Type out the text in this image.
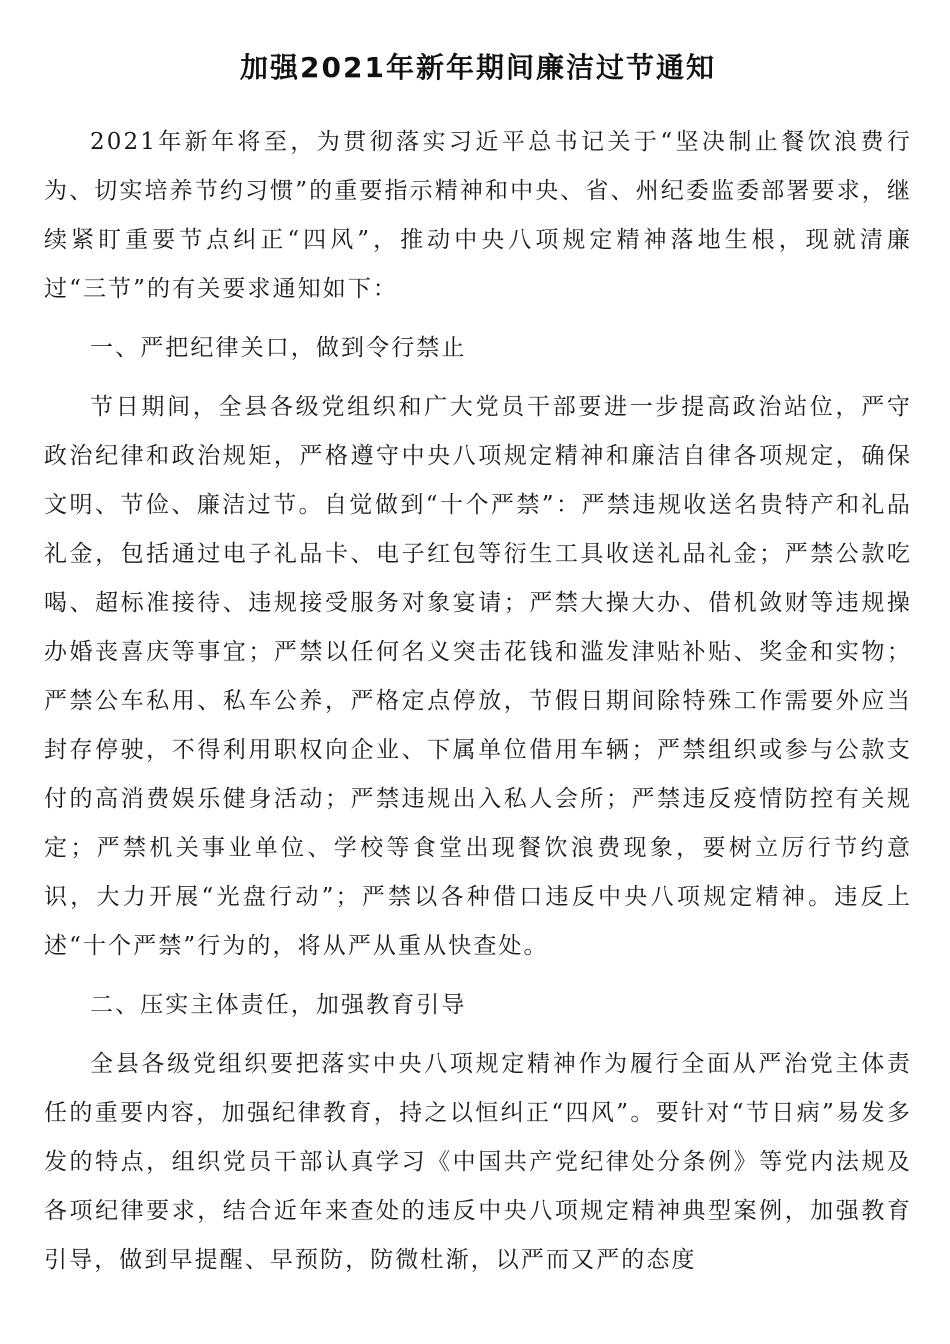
加强2021年新年期间廉洁过节通知

2021年新年将至，为贯彻落实习近平总书记关于“坚决制止餐饮浪费行为、切实培养节约习惯”的重要指示精神和中央、省、州纪委监委部署要求，继续紧盯重要节点纠正“四风”，推动中央八项规定精神落地生根，现就清廉过“三节”的有关要求通知如下：

一、严把纪律关口，做到令行禁止

节日期间，全县各级党组织和广大党员干部要进一步提高政治站位，严守政治纪律和政治规矩，严格遵守中央八项规定精神和廉洁自律各项规定，确保文明、节俭、廉洁过节。自觉做到“十个严禁”：严禁违规收送名贵特产和礼品礼金，包括通过电子礼品卡、电子红包等衍生工具收送礼品礼金；严禁公款吃喝、超标准接待、违规接受服务对象宴请；严禁大操大办、借机敛财等违规操办婚丧喜庆等事宜；严禁以任何名义突击花钱和滥发津贴补贴、奖金和实物；严禁公车私用、私车公养，严格定点停放，节假日期间除特殊工作需要外应当封存停驶，不得利用职权向企业、下属单位借用车辆；严禁组织或参与公款支付的高消费娱乐健身活动；严禁违规出入私人会所；严禁违反疫情防控有关规定；严禁机关事业单位、学校等食堂出现餐饮浪费现象，要树立厉行节约意识，大力开展“光盘行动”；严禁以各种借口违反中央八项规定精神。违反上述“十个严禁”行为的，将从严从重从快查处。

二、压实主体责任，加强教育引导

全县各级党组织要把落实中央八项规定精神作为履行全面从严治党主体责任的重要内容，加强纪律教育，持之以恒纠正“四风”。要针对“节日病”易发多发的特点，组织党员干部认真学习《中国共产党纪律处分条例》等党内法规及各项纪律要求，结合近年来查处的违反中央八项规定精神典型案例，加强教育引导，做到早提醒、早预防，防微杜渐，以严而又严的态度
